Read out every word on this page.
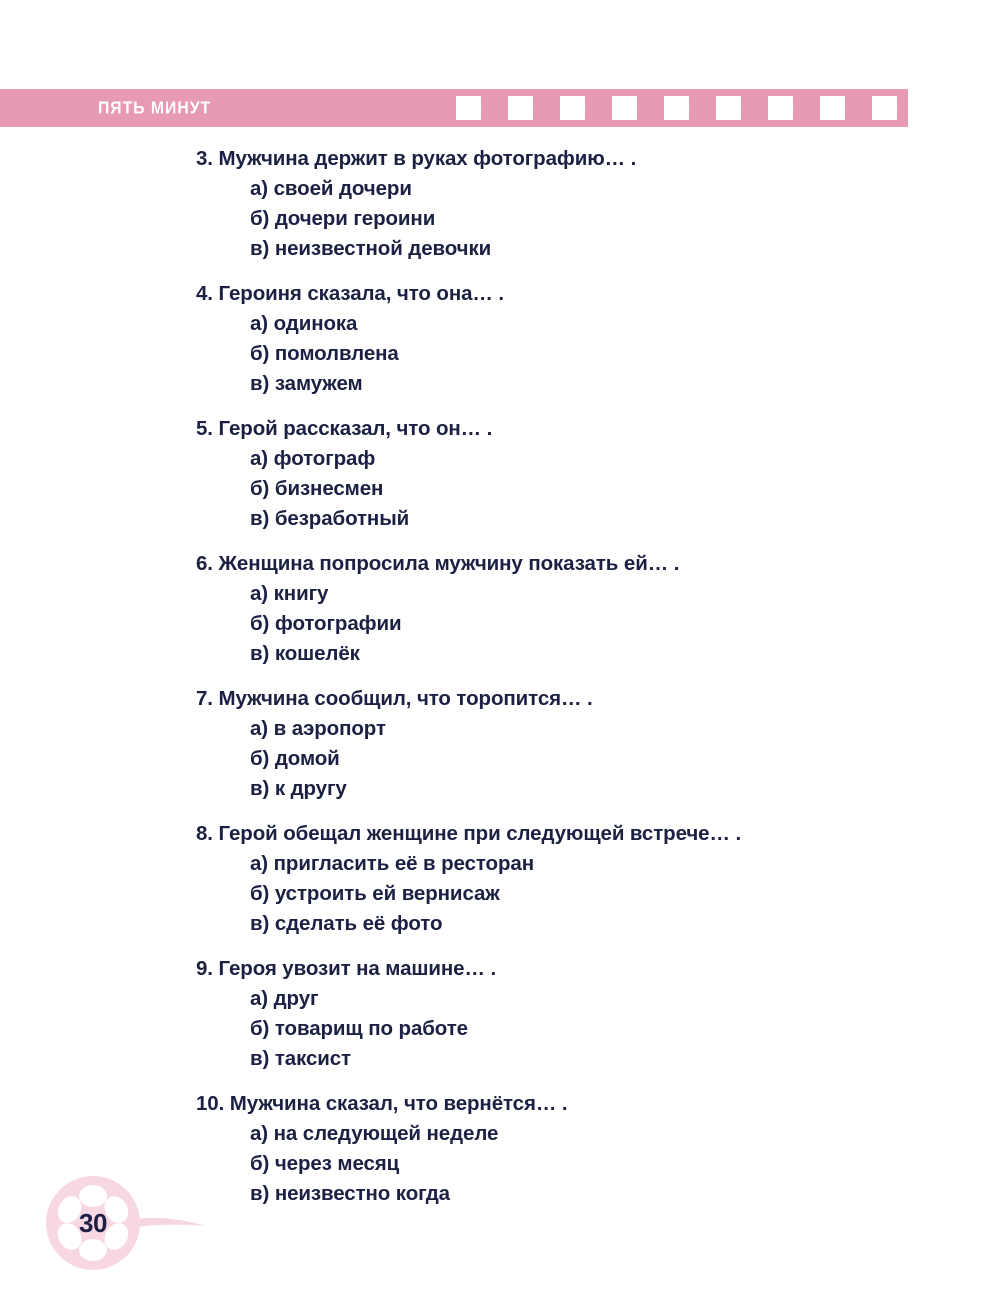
ПЯТЬ МИНУТ
3. Мужчина держит в руках фотографию… .
а) своей дочери
б) дочери героини
в) неизвестной девочки
4. Героиня сказала, что она… .
а) одинока
б) помолвлена
в) замужем
5. Герой рассказал, что он… .
а) фотограф
б) бизнесмен
в) безработный
6. Женщина попросила мужчину показать ей… .
а) книгу
б) фотографии
в) кошелёк
7. Мужчина сообщил, что торопится… .
а) в аэропорт
б) домой
в) к другу
8. Герой обещал женщине при следующей встрече… .
а) пригласить её в ресторан
б) устроить ей вернисаж
в) сделать её фото
9. Героя увозит на машине… .
а) друг
б) товарищ по работе
в) таксист
10. Мужчина сказал, что вернётся… .
а) на следующей неделе
б) через месяц
в) неизвестно когда
30
